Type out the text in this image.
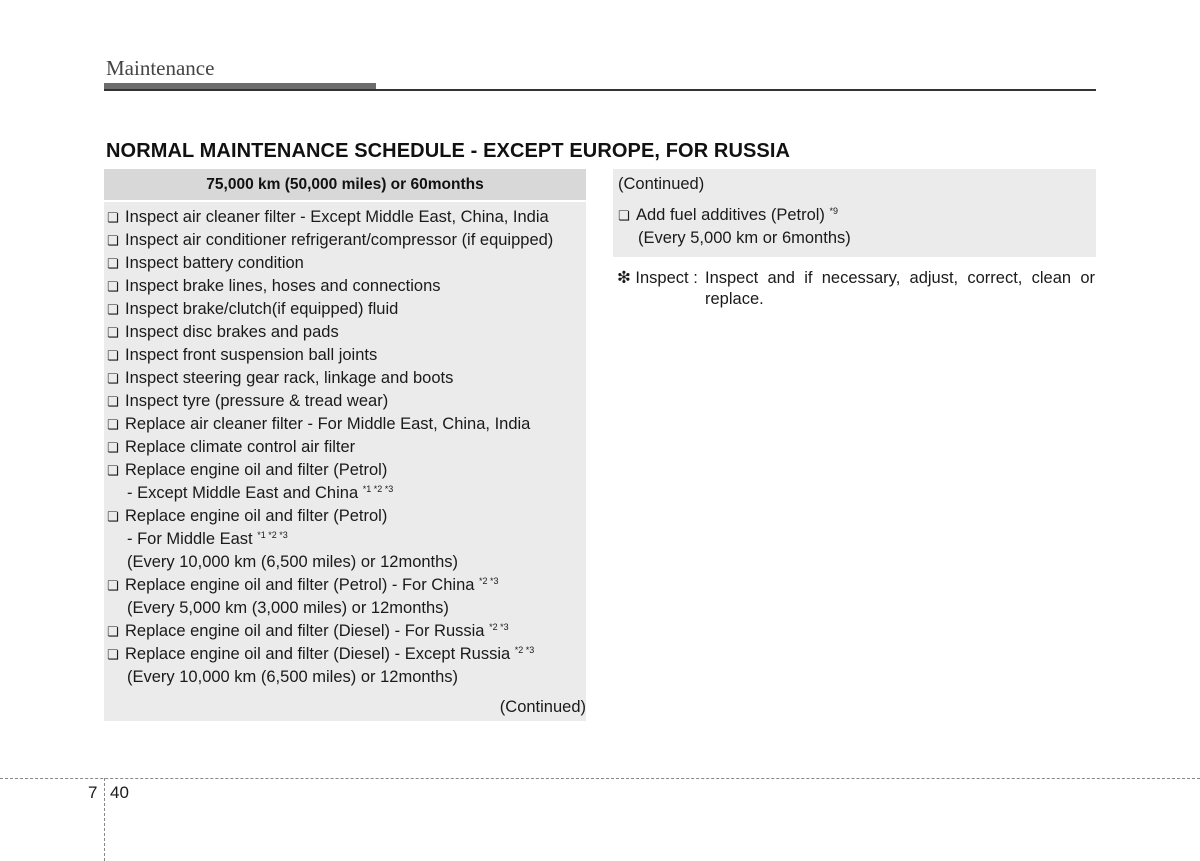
Maintenance
NORMAL MAINTENANCE SCHEDULE - EXCEPT EUROPE, FOR RUSSIA
75,000 km (50,000 miles) or 60months
❏ Inspect air cleaner filter - Except Middle East, China, India
❏ Inspect air conditioner refrigerant/compressor (if equipped)
❏ Inspect battery condition
❏ Inspect brake lines, hoses and connections
❏ Inspect brake/clutch(if equipped) fluid
❏ Inspect disc brakes and pads
❏ Inspect front suspension ball joints
❏ Inspect steering gear rack, linkage and boots
❏ Inspect tyre (pressure & tread wear)
❏ Replace air cleaner filter - For Middle East, China, India
❏ Replace climate control air filter
❏ Replace engine oil and filter (Petrol)
- Except Middle East and China $^{*1 *2 *3}$
❏ Replace engine oil and filter (Petrol)
- For Middle East $^{*1 *2 *3}$
(Every 10,000 km (6,500 miles) or 12months)
❏ Replace engine oil and filter (Petrol) - For China $^{*2 *3}$
(Every 5,000 km (3,000 miles) or 12months)
❏ Replace engine oil and filter (Diesel) - For Russia $^{*2 *3}$
❏ Replace engine oil and filter (Diesel) - Except Russia $^{*2 *3}$
(Every 10,000 km (6,500 miles) or 12months)
(Continued)
(Continued)
❏ Add fuel additives (Petrol) $^{*9}$
(Every 5,000 km or 6months)
❇ Inspect : Inspect and if necessary, adjust, correct, clean or replace.
7 40
